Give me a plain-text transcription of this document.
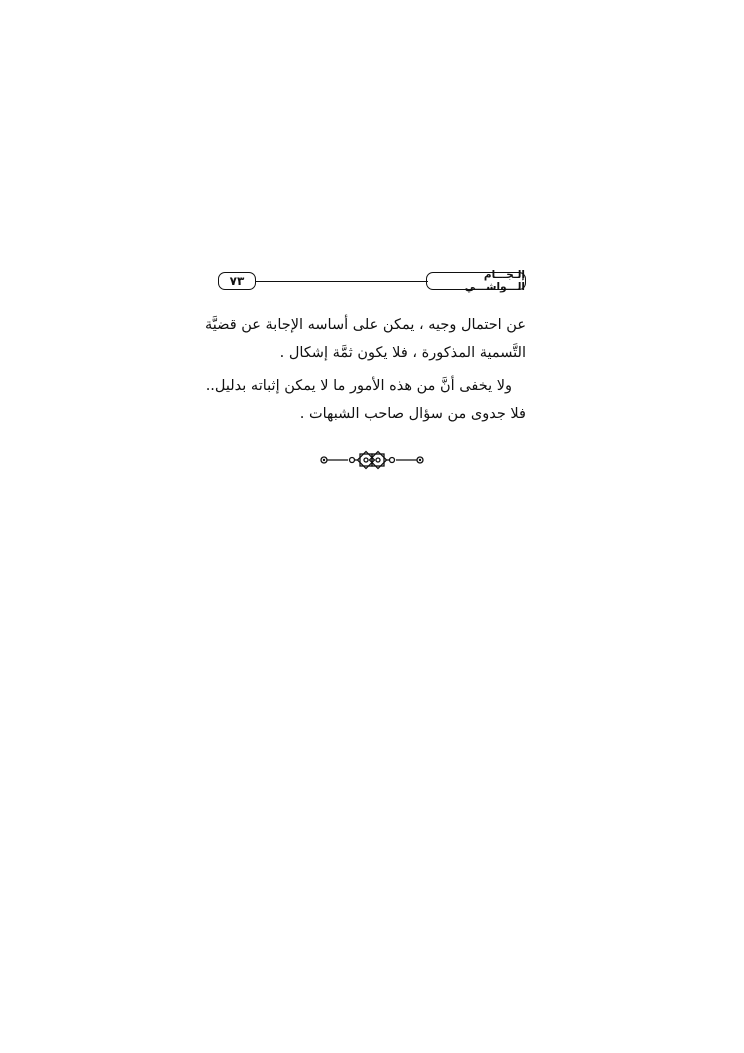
٧٣	إلـجـــام الـــواشـــي
عن احتمال وجيه ، يمكن على أساسه الإجابة عن قضيَّة
التَّسمية المذكورة ، فلا يكون ثمَّة إشكال .
ولا يخفى أنَّ من هذه الأمور ما لا يمكن إثباته بدليل..
فلا جدوى من سؤال صاحب الشبهات .
